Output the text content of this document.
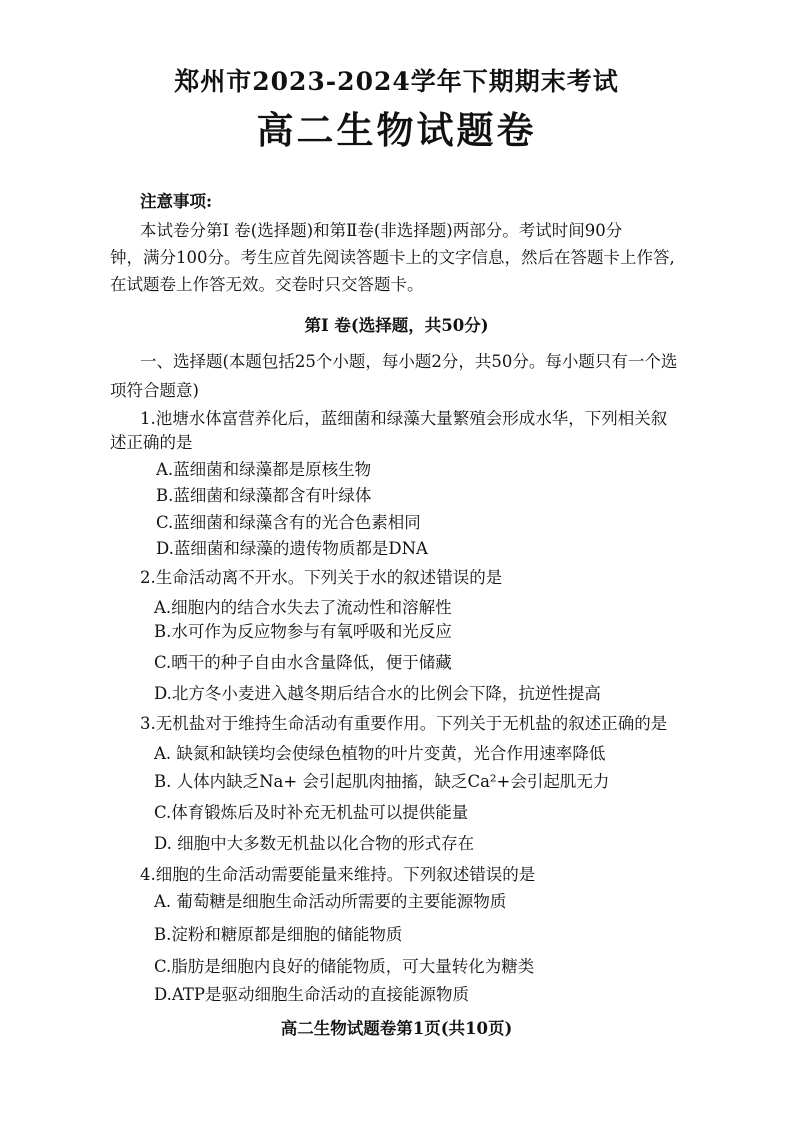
郑州市2023-2024学年下期期末考试
高二生物试题卷
注意事项:
本试卷分第Ⅰ 卷(选择题)和第Ⅱ卷(非选择题)两部分。考试时间90分
钟，满分100分。考生应首先阅读答题卡上的文字信息，然后在答题卡上作答,
在试题卷上作答无效。交卷时只交答题卡。
第Ⅰ 卷(选择题，共50分)
一、选择题(本题包括25个小题，每小题2分，共50分。每小题只有一个选
项符合题意)
1.池塘水体富营养化后，蓝细菌和绿藻大量繁殖会形成水华，下列相关叙
述正确的是
A.蓝细菌和绿藻都是原核生物
B.蓝细菌和绿藻都含有叶绿体
C.蓝细菌和绿藻含有的光合色素相同
D.蓝细菌和绿藻的遗传物质都是DNA
2.生命活动离不开水。下列关于水的叙述错误的是
A.细胞内的结合水失去了流动性和溶解性
B.水可作为反应物参与有氧呼吸和光反应
C.晒干的种子自由水含量降低，便于储藏
D.北方冬小麦进入越冬期后结合水的比例会下降，抗逆性提高
3.无机盐对于维持生命活动有重要作用。下列关于无机盐的叙述正确的是
A. 缺氮和缺镁均会使绿色植物的叶片变黄，光合作用速率降低
B. 人体内缺乏Na+ 会引起肌肉抽搐，缺乏Ca²+会引起肌无力
C.体育锻炼后及时补充无机盐可以提供能量
D. 细胞中大多数无机盐以化合物的形式存在
4.细胞的生命活动需要能量来维持。下列叙述错误的是
A. 葡萄糖是细胞生命活动所需要的主要能源物质
B.淀粉和糖原都是细胞的储能物质
C.脂肪是细胞内良好的储能物质，可大量转化为糖类
D.ATP是驱动细胞生命活动的直接能源物质
高二生物试题卷第1页(共10页)
